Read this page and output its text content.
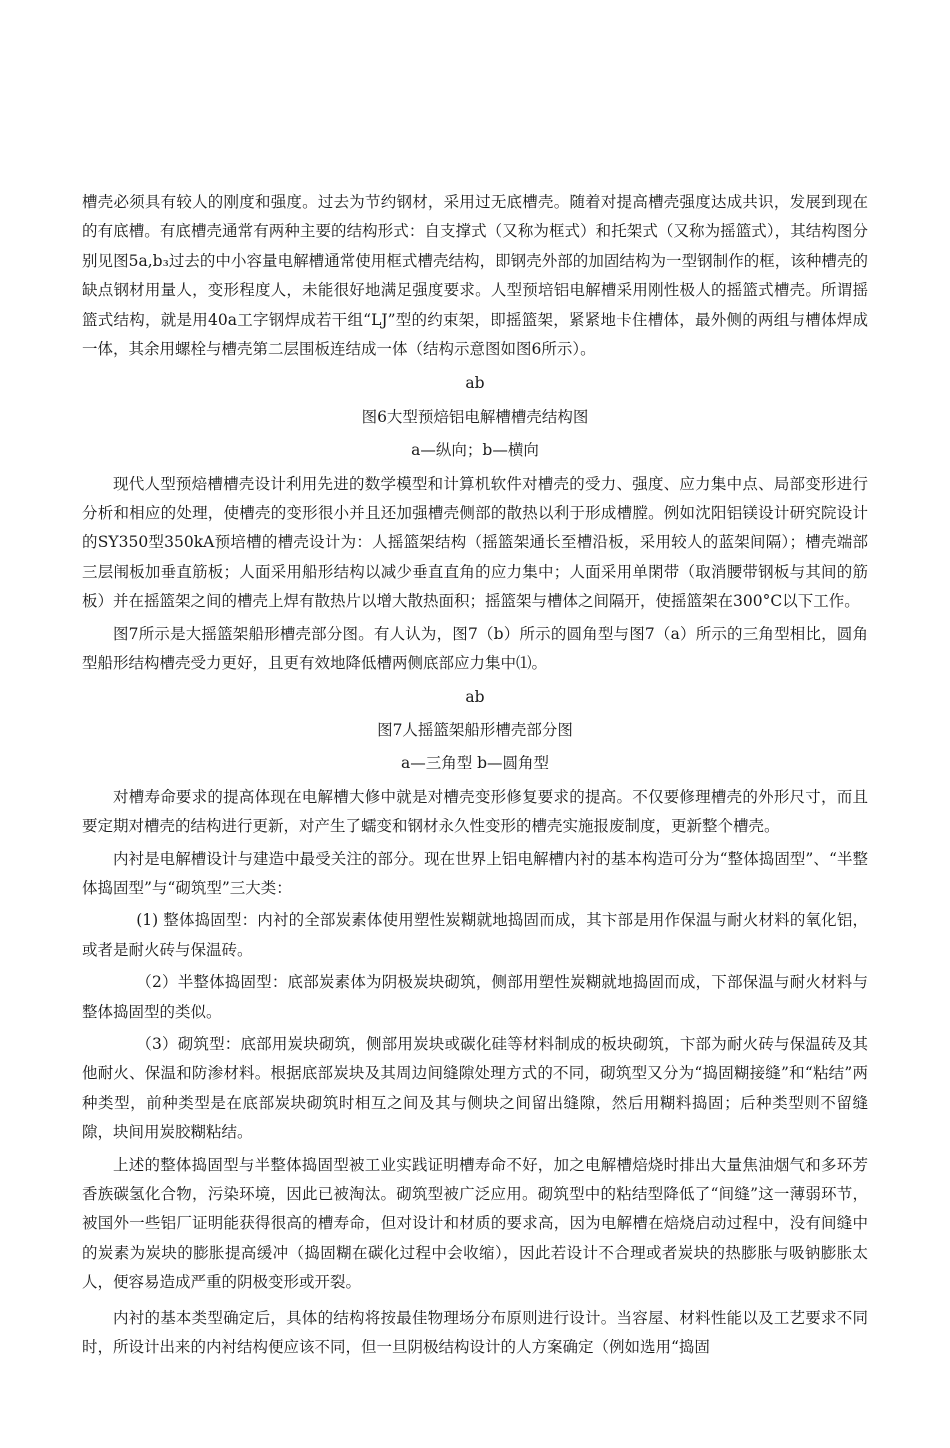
槽壳必须具有较人的刚度和强度。过去为节约钢材，采用过无底槽壳。随着对提高槽壳强度达成共识，发展到现在的有底槽。有底槽壳通常有两种主要的结构形式：自支撑式（又称为框式）和托架式（又称为摇篮式），其结构图分别见图5a,b₃过去的中小容量电解槽通常使用框式槽壳结构，即钢壳外部的加固结构为一型钢制作的框，该种槽壳的缺点钢材用量人，变形程度人，未能很好地满足强度要求。人型预培铝电解槽采用刚性极人的摇篮式槽壳。所谓摇篮式结构，就是用40a工字钢焊成若干组“LJ”型的约束架，即摇篮架，紧紧地卡住槽体，最外侧的两组与槽体焊成一体，其余用螺栓与槽壳第二层围板连结成一体（结构示意图如图6所示）。

ab

图6大型预焙铝电解槽槽壳结构图

a—纵向；b—横向

现代人型预焙槽槽壳设计利用先进的数学模型和计算机软件对槽壳的受力、强度、应力集中点、局部变形进行分析和相应的处理，使槽壳的变形很小并且还加强槽壳侧部的散热以利于形成槽膛。例如沈阳铝镁设计研究院设计的SY350型350kA预培槽的槽壳设计为：人摇篮架结构（摇篮架通长至槽沿板，采用较人的蓝架间隔）；槽壳端部三层闱板加垂直筋板；人面采用船形结构以减少垂直直角的应力集中；人面采用单閑带（取消腰带钢板与其间的筋板）并在摇篮架之间的槽壳上焊有散热片以增大散热面积；摇篮架与槽体之间隔开，使摇篮架在300°C以下工作。

图7所示是大摇篮架船形槽壳部分图。有人认为，图7（b）所示的圆角型与图7（a）所示的三角型相比，圆角型船形结构槽壳受力更好，且更有效地降低槽两侧底部应力集中⑴。

ab

图7人摇篮架船形槽壳部分图

a—三角型 b—圆角型

对槽寿命要求的提高体现在电解槽大修中就是对槽壳变形修复要求的提高。不仅要修理槽壳的外形尺寸，而且要定期对槽壳的结构进行更新，对产生了蠕变和钢材永久性变形的槽壳实施报废制度，更新整个槽壳。

内衬是电解槽设计与建造中最受关注的部分。现在世界上铝电解槽内衬的基本构造可分为“整体捣固型”、“半整体捣固型”与“砌筑型”三大类：

(1) 整体捣固型：内衬的全部炭素体使用塑性炭糊就地捣固而成，其卞部是用作保温与耐火材料的氧化铝，或者是耐火砖与保温砖。

（2）半整体捣固型：底部炭素体为阴极炭块砌筑，侧部用塑性炭糊就地捣固而成，下部保温与耐火材料与整体捣固型的类似。

（3）砌筑型：底部用炭块砌筑，侧部用炭块或碳化硅等材料制成的板块砌筑，卞部为耐火砖与保温砖及其他耐火、保温和防渗材料。根据底部炭块及其周边间缝隙处理方式的不同，砌筑型又分为“捣固糊接缝”和“粘结”两种类型，前种类型是在底部炭块砌筑时相互之间及其与侧块之间留出缝隙，然后用糊料捣固；后种类型则不留缝隙，块间用炭胶糊粘结。

上述的整体捣固型与半整体捣固型被工业实践证明槽寿命不好，加之电解槽焙烧时排出大量焦油烟气和多环芳香族碳氢化合物，污染环境，因此已被淘汰。砌筑型被广泛应用。砌筑型中的粘结型降低了“间缝”这一薄弱环节，被国外一些铝厂证明能获得很高的槽寿命，但对设计和材质的要求高，因为电解槽在焙烧启动过程中，没有间缝中的炭素为炭块的膨胀提高缓冲（捣固糊在碳化过程中会收缩），因此若设计不合理或者炭块的热膨胀与吸钠膨胀太人，便容易造成严重的阴极变形或开裂。

内衬的基本类型确定后，具体的结构将按最佳物理场分布原则进行设计。当容屋、材料性能以及工艺要求不同时，所设计出来的内衬结构便应该不同，但一旦阴极结构设计的人方案确定（例如选用“捣固
